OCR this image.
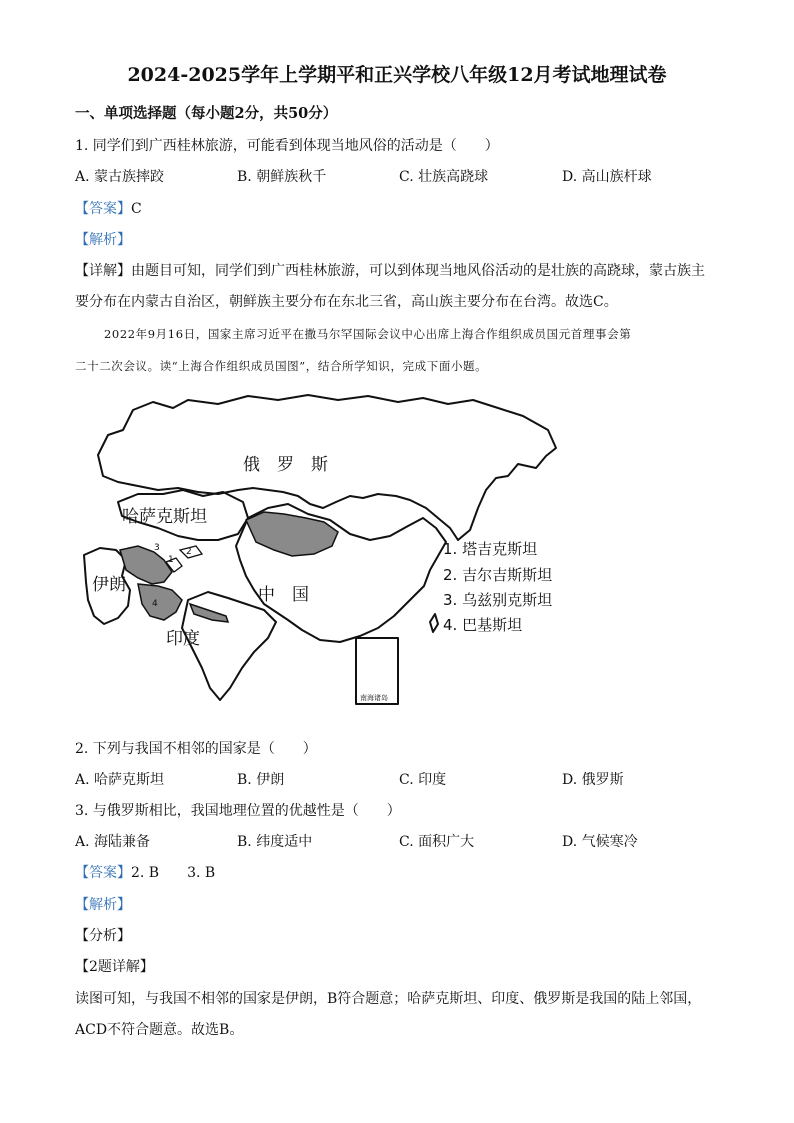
2024-2025学年上学期平和正兴学校八年级12月考试地理试卷
一、单项选择题（每小题2分，共50分）
1. 同学们到广西桂林旅游，可能看到体现当地风俗的活动是（　　）
A. 蒙古族摔跤	B. 朝鲜族秋千	C. 壮族高跷球	D. 高山族杆球
【答案】C
【解析】
【详解】由题目可知，同学们到广西桂林旅游，可以到体现当地风俗活动的是壮族的高跷球，蒙古族主
要分布在内蒙古自治区，朝鲜族主要分布在东北三省，高山族主要分布在台湾。故选C。
2022年9月16日，国家主席习近平在撒马尔罕国际会议中心出席上海合作组织成员国元首理事会第
二十二次会议。读“上海合作组织成员国图”，结合所学知识，完成下面小题。
俄　罗　斯
哈萨克斯坦
伊朗	中　国
印度
1
2
3
4
南海诸岛
1. 塔吉克斯坦
2. 吉尔吉斯斯坦
3. 乌兹别克斯坦
4. 巴基斯坦
2. 下列与我国不相邻的国家是（　　）
A. 哈萨克斯坦	B. 伊朗	C. 印度	D. 俄罗斯
3. 与俄罗斯相比，我国地理位置的优越性是（　　）
A. 海陆兼备	B. 纬度适中	C. 面积广大	D. 气候寒冷
【答案】2. B　　3. B
【解析】
【分析】
【2题详解】
读图可知，与我国不相邻的国家是伊朗，B符合题意；哈萨克斯坦、印度、俄罗斯是我国的陆上邻国，
ACD不符合题意。故选B。
